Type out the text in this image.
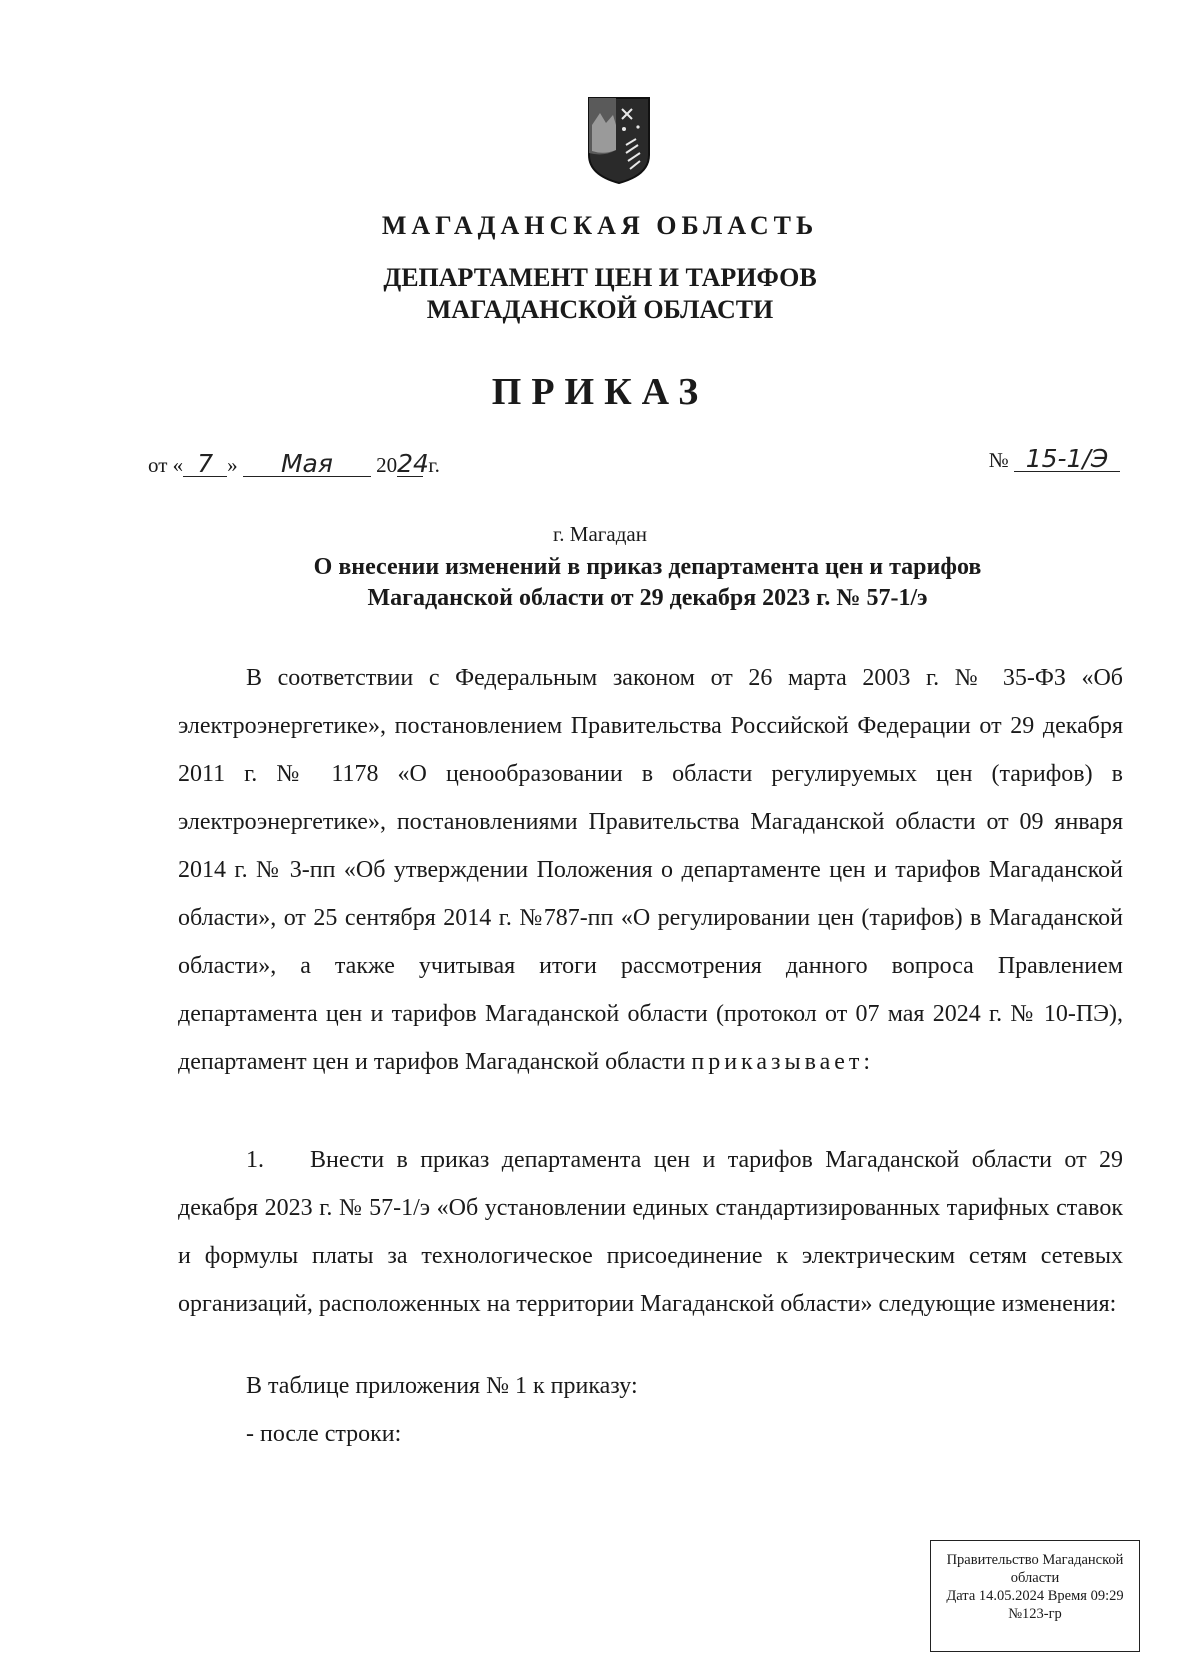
МАГАДАНСКАЯ ОБЛАСТЬ
ДЕПАРТАМЕНТ ЦЕН И ТАРИФОВ
МАГАДАНСКОЙ ОБЛАСТИ
ПРИКАЗ
от « 7 » Мая 2024 г.	№ 15-1/Э
г. Магадан
О внесении изменений в приказ департамента цен и тарифов
Магаданской области от 29 декабря 2023 г. № 57-1/э

В соответствии с Федеральным законом от 26 марта 2003 г. № 35-ФЗ «Об электроэнергетике», постановлением Правительства Российской Федерации от 29 декабря 2011 г. № 1178 «О ценообразовании в области регулируемых цен (тарифов) в электроэнергетике», постановлениями Правительства Магаданской области от 09 января 2014 г. № 3-пп «Об утверждении Положения о департаменте цен и тарифов Магаданской области», от 25 сентября 2014 г. №787-пп «О регулировании цен (тарифов) в Магаданской области», а также учитывая итоги рассмотрения данного вопроса Правлением департамента цен и тарифов Магаданской области (протокол от 07 мая 2024 г. № 10-ПЭ), департамент цен и тарифов Магаданской области приказывает:

1. Внести в приказ департамента цен и тарифов Магаданской области от 29 декабря 2023 г. № 57-1/э «Об установлении единых стандартизированных тарифных ставок и формулы платы за технологическое присоединение к электрическим сетям сетевых организаций, расположенных на территории Магаданской области» следующие изменения:

В таблице приложения № 1 к приказу:

- после строки:

Правительство Магаданской
области
Дата 14.05.2024 Время 09:29
№123-гр
